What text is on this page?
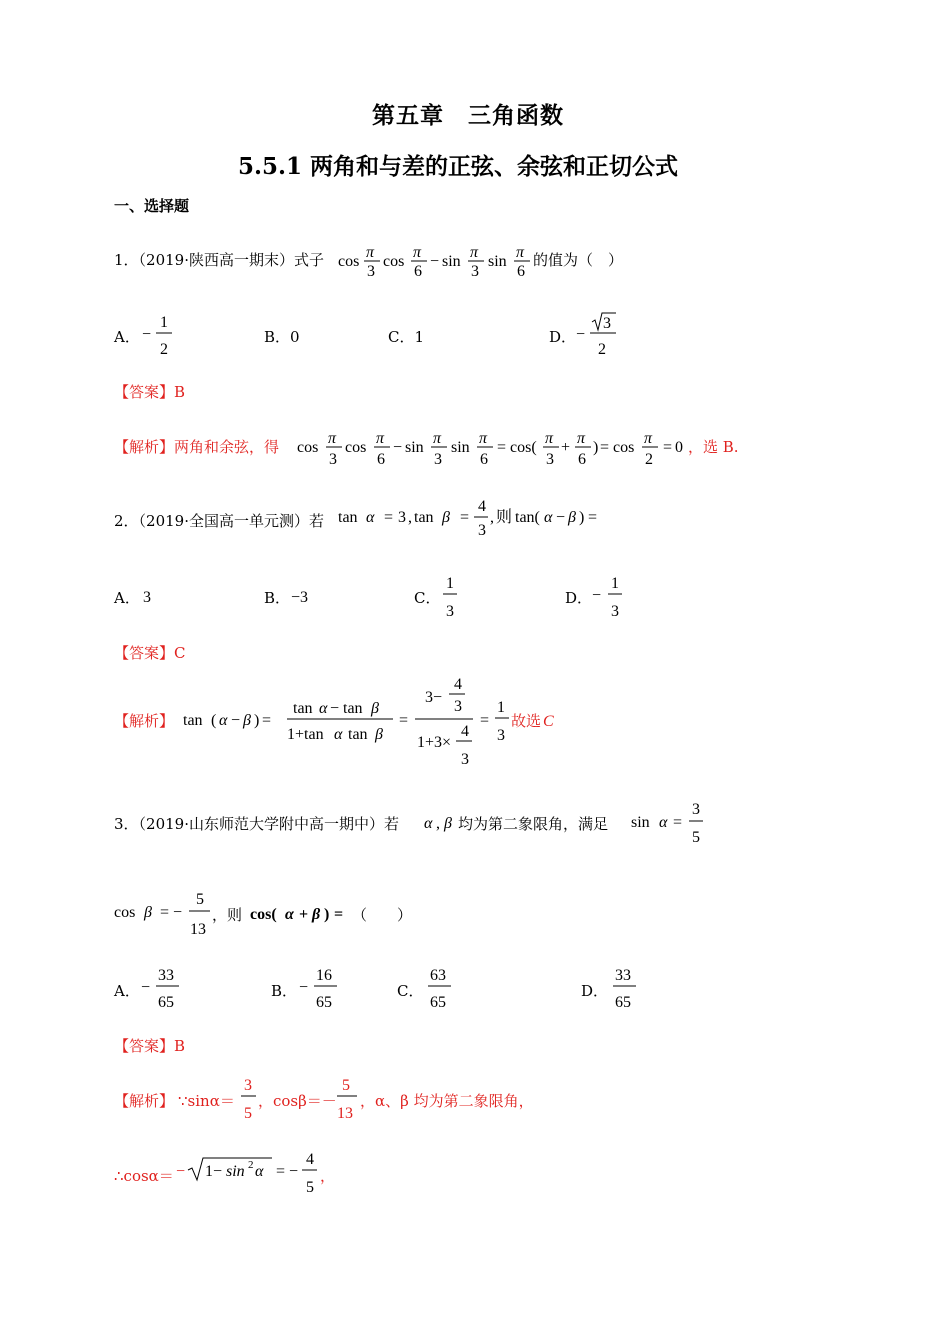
第五章　三角函数
5.5.1 两角和与差的正弦、余弦和正切公式
一、选择题
1．（2019·陕西高一期末）式子 cos
π
3
cos
π
6
− sin
π
3
sin
π
6
的值为（　）
A． −
1
2
B．0	C．1	D． −
3
2
【答案】B
【解析】两角和余弦，得 cos
π
3
cos
π
6
− sin
π
3
sin
π
6
= cos(
π
3
+
π
6
) = cos
π
2
= 0 ，选 B.
2．（2019·全国高一单元测）若 tan α = 3 , tan β =
4
3
, 则 tan( α − β ) =
A． 3	B． −3	C．
1
3
D． −
1
3
【答案】C
【解析】 tan ( α − β ) =
tan α − tan β
1+tan α tan β
=
3−
4
3
1+3×
4
3
=
1
3
故选 C
3．（2019·山东师范大学附中高一期中）若 α , β 均为第二象限角，满足 sin α =
3
5
cos β = −
5
13
，则 cos( α + β ) = （　　）
A． −
33
65
B． −
16
65
C．
63
65
D．
33
65
【答案】B
【解析】 ∵sinα＝
3
5
，cosβ＝－
5
13
，α、β 均为第二象限角，
∴cosα＝ − 1− sin 2 α = −
4
5
，
